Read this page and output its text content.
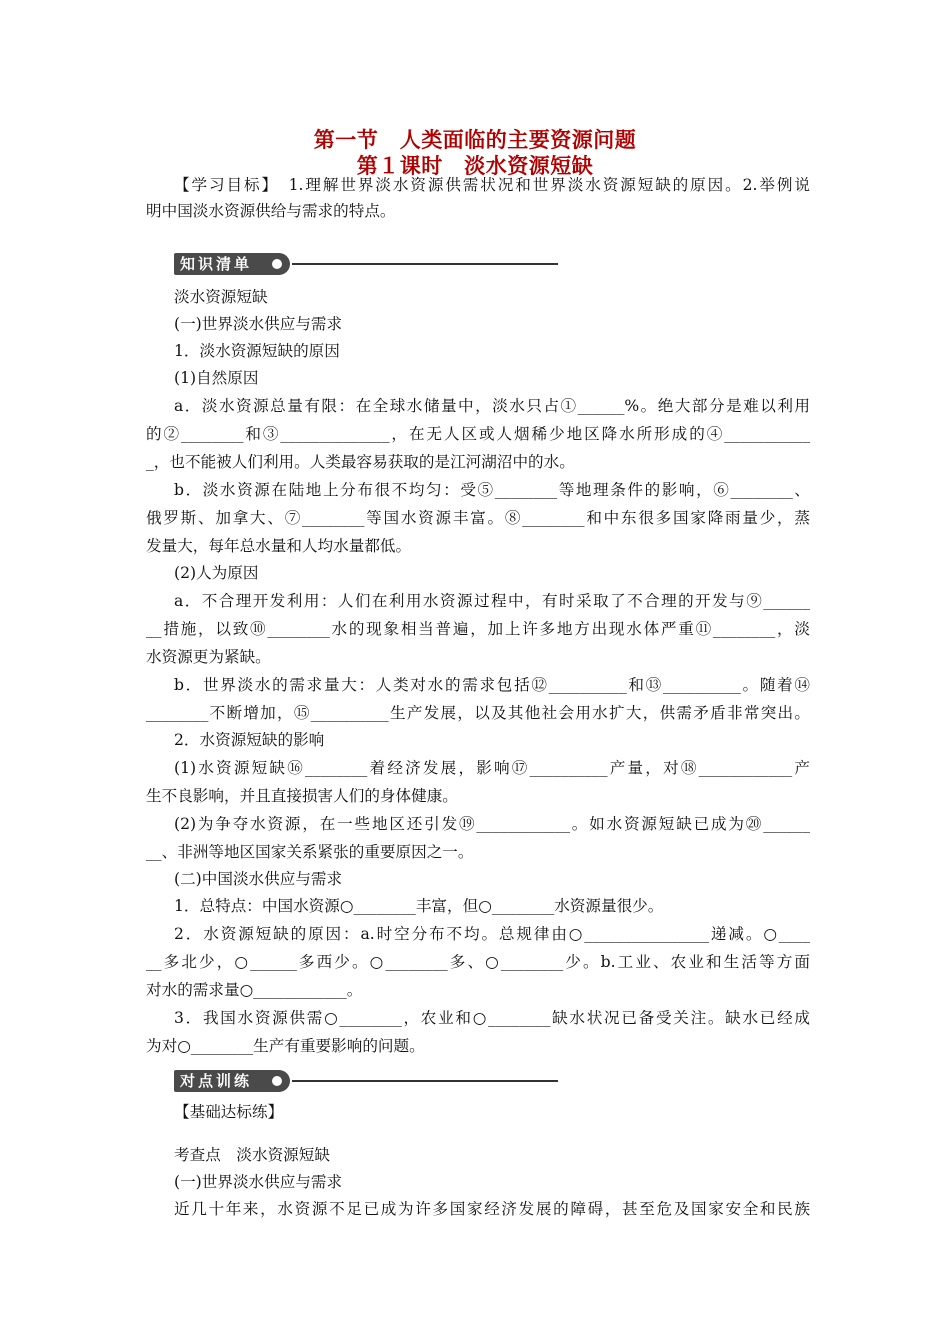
第一节　人类面临的主要资源问题
第１课时　淡水资源短缺
【学习目标】　1.理解世界淡水资源供需状况和世界淡水资源短缺的原因。2.举例说
明中国淡水资源供给与需求的特点。
知识清单
淡水资源短缺
(一)世界淡水供应与需求
1．淡水资源短缺的原因
(1)自然原因
a．淡水资源总量有限：在全球水储量中，淡水只占①______%。绝大部分是难以利用
的②________和③______________，在无人区或人烟稀少地区降水所形成的④___________
_，也不能被人们利用。人类最容易获取的是江河湖沼中的水。
b．淡水资源在陆地上分布很不均匀：受⑤________等地理条件的影响，⑥________、
俄罗斯、加拿大、⑦________等国水资源丰富。⑧________和中东很多国家降雨量少，蒸
发量大，每年总水量和人均水量都低。
(2)人为原因
a．不合理开发利用：人们在利用水资源过程中，有时采取了不合理的开发与⑨______
__措施，以致⑩________水的现象相当普遍，加上许多地方出现水体严重⑪________，淡
水资源更为紧缺。
b．世界淡水的需求量大：人类对水的需求包括⑫__________和⑬__________。随着⑭
________不断增加，⑮__________生产发展，以及其他社会用水扩大，供需矛盾非常突出。
2．水资源短缺的影响
(1)水资源短缺⑯________着经济发展，影响⑰__________产量，对⑱____________产
生不良影响，并且直接损害人们的身体健康。
(2)为争夺水资源，在一些地区还引发⑲____________。如水资源短缺已成为⑳______
__、非洲等地区国家关系紧张的重要原因之一。
(二)中国淡水供应与需求
1．总特点：中国水资源○________丰富，但○________水资源量很少。
2．水资源短缺的原因：a.时空分布不均。总规律由○________________递减。○____
__多北少，○______多西少。○________多、○________少。b.工业、农业和生活等方面
对水的需求量○____________。
3．我国水资源供需○________，农业和○________缺水状况已备受关注。缺水已经成
为对○________生产有重要影响的问题。
对点训练
【基础达标练】
考查点　淡水资源短缺
(一)世界淡水供应与需求
近几十年来，水资源不足已成为许多国家经济发展的障碍，甚至危及国家安全和民族
